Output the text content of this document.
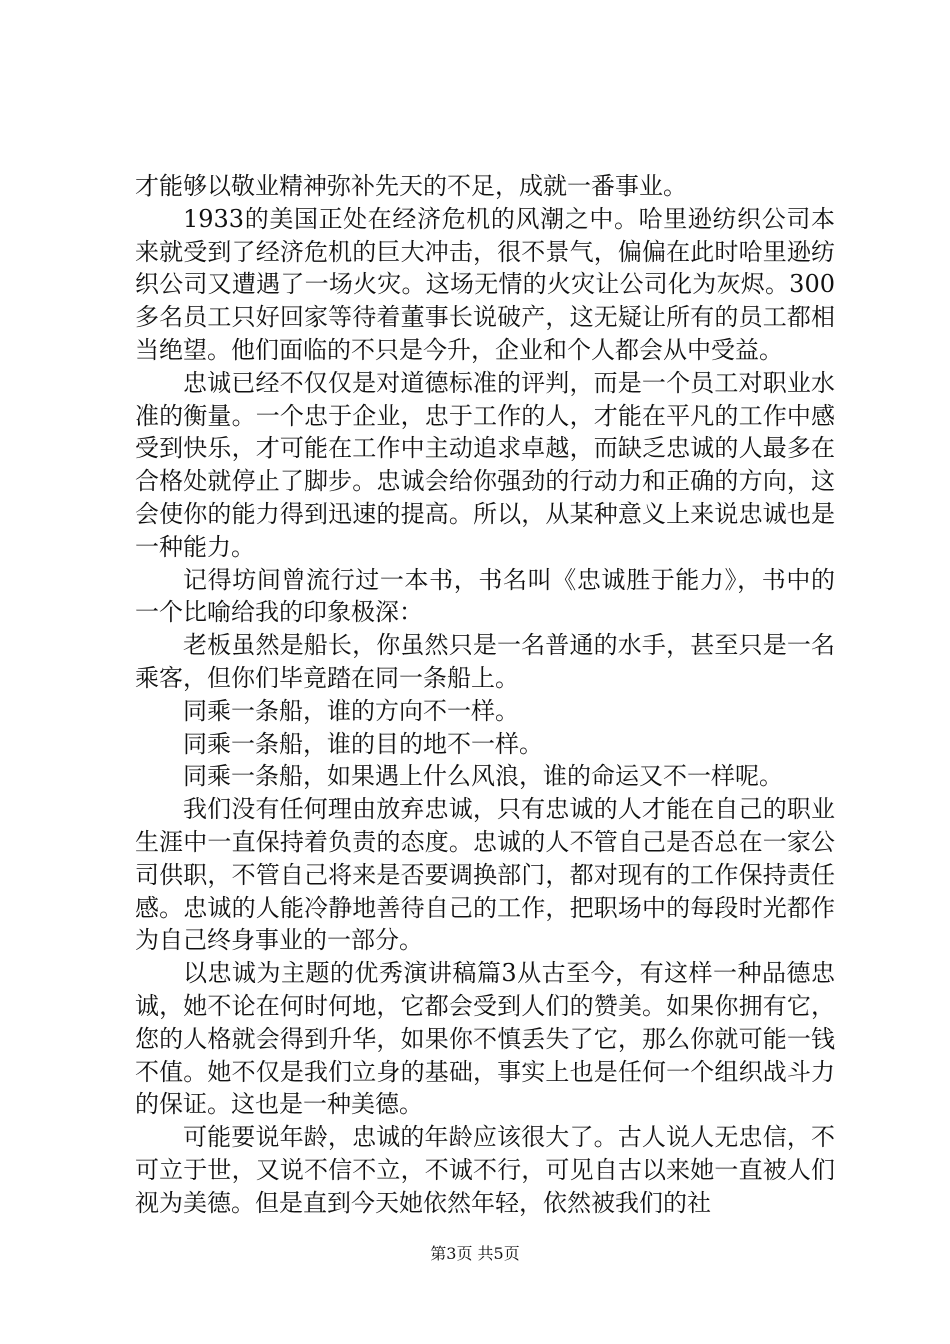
才能够以敬业精神弥补先天的不足，成就一番事业。

1933的美国正处在经济危机的风潮之中。哈里逊纺织公司本来就受到了经济危机的巨大冲击，很不景气，偏偏在此时哈里逊纺织公司又遭遇了一场火灾。这场无情的火灾让公司化为灰烬。300多名员工只好回家等待着董事长说破产，这无疑让所有的员工都相当绝望。他们面临的不只是今升，企业和个人都会从中受益。

忠诚已经不仅仅是对道德标准的评判，而是一个员工对职业水准的衡量。一个忠于企业，忠于工作的人，才能在平凡的工作中感受到快乐，才可能在工作中主动追求卓越，而缺乏忠诚的人最多在合格处就停止了脚步。忠诚会给你强劲的行动力和正确的方向，这会使你的能力得到迅速的提高。所以，从某种意义上来说忠诚也是一种能力。

记得坊间曾流行过一本书，书名叫《忠诚胜于能力》，书中的一个比喻给我的印象极深：

老板虽然是船长，你虽然只是一名普通的水手，甚至只是一名乘客，但你们毕竟踏在同一条船上。

同乘一条船，谁的方向不一样。

同乘一条船，谁的目的地不一样。

同乘一条船，如果遇上什么风浪，谁的命运又不一样呢。

我们没有任何理由放弃忠诚，只有忠诚的人才能在自己的职业生涯中一直保持着负责的态度。忠诚的人不管自己是否总在一家公司供职，不管自己将来是否要调换部门，都对现有的工作保持责任感。忠诚的人能冷静地善待自己的工作，把职场中的每段时光都作为自己终身事业的一部分。

以忠诚为主题的优秀演讲稿篇3从古至今，有这样一种品德忠诚，她不论在何时何地，它都会受到人们的赞美。如果你拥有它，您的人格就会得到升华，如果你不慎丢失了它，那么你就可能一钱不值。她不仅是我们立身的基础，事实上也是任何一个组织战斗力的保证。这也是一种美德。

可能要说年龄，忠诚的年龄应该很大了。古人说人无忠信，不可立于世，又说不信不立，不诚不行，可见自古以来她一直被人们视为美德。但是直到今天她依然年轻，依然被我们的社

第3页 共5页
